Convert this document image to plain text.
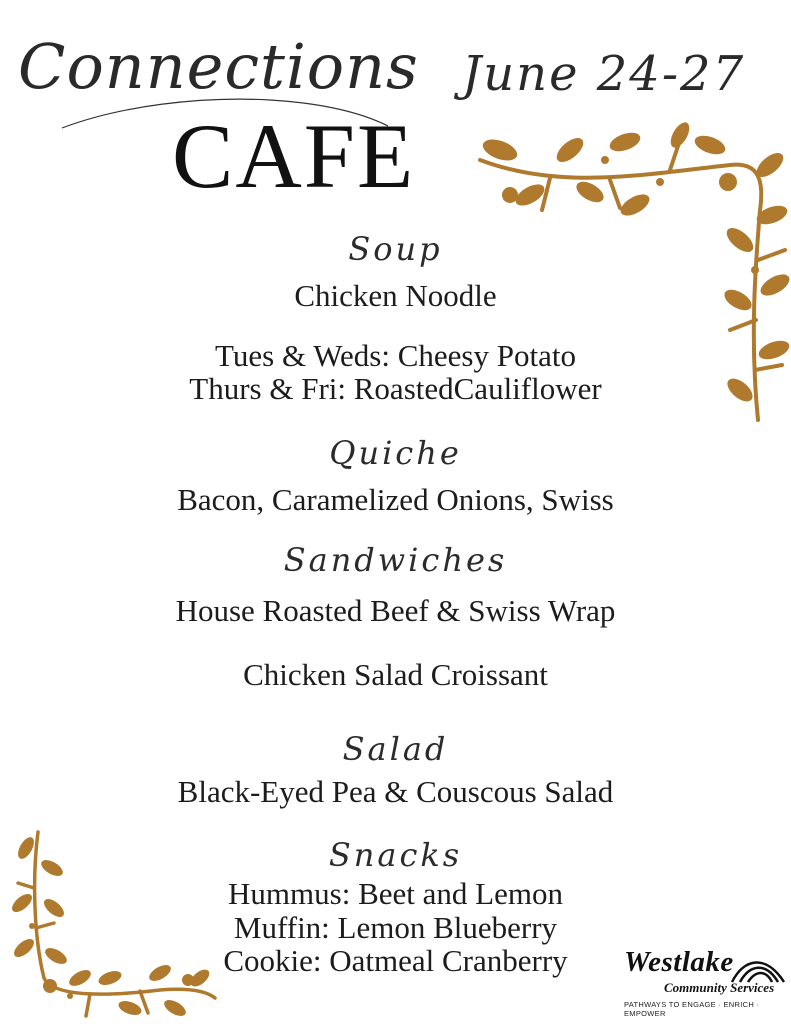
Connections
CAFE
June 24-27
Soup
Chicken Noodle
Tues & Weds: Cheesy Potato
Thurs & Fri: RoastedCauliflower
Quiche
Bacon, Caramelized Onions, Swiss
Sandwiches
House Roasted Beef & Swiss Wrap
Chicken Salad Croissant
Salad
Black-Eyed Pea & Couscous Salad
Snacks
Hummus: Beet and Lemon
Muffin: Lemon Blueberry
Cookie: Oatmeal Cranberry	Westlake
Community Services
PATHWAYS TO ENGAGE · ENRICH · EMPOWER
